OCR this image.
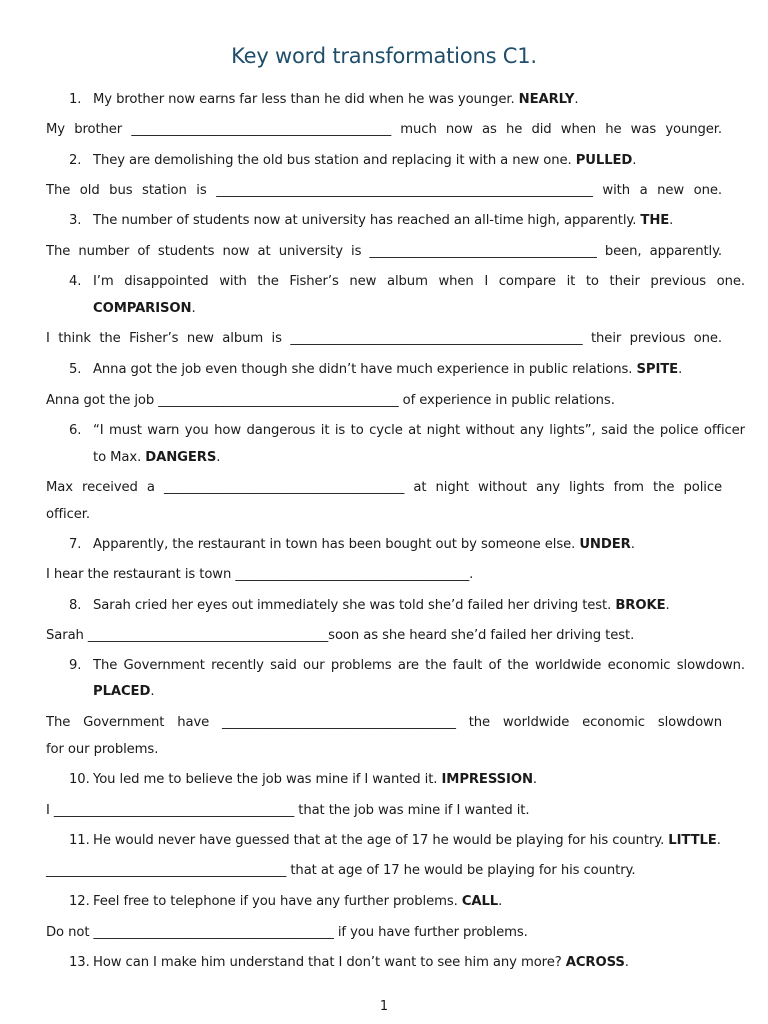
Key word transformations C1.
1. My brother now earns far less than he did when he was younger. NEARLY.
My brother ________________________________________ much now as he did when he was younger.
2. They are demolishing the old bus station and replacing it with a new one. PULLED.
The old bus station is __________________________________________________________ with a new one.
3. The number of students now at university has reached an all-time high, apparently. THE.
The number of students now at university is ___________________________________ been, apparently.
4. I’m disappointed with the Fisher’s new album when I compare it to their previous one.
COMPARISON.
I think the Fisher’s new album is _____________________________________________ their previous one.
5. Anna got the job even though she didn’t have much experience in public relations. SPITE.
Anna got the job _____________________________________ of experience in public relations.
6. “I must warn you how dangerous it is to cycle at night without any lights”, said the police officer
to Max. DANGERS.
Max received a _____________________________________ at night without any lights from the police
officer.
7. Apparently, the restaurant in town has been bought out by someone else. UNDER.
I hear the restaurant is town ____________________________________.
8. Sarah cried her eyes out immediately she was told she’d failed her driving test. BROKE.
Sarah _____________________________________soon as she heard she’d failed her driving test.
9. The Government recently said our problems are the fault of the worldwide economic slowdown.
PLACED.
The Government have ____________________________________ the worldwide economic slowdown
for our problems.
10. You led me to believe the job was mine if I wanted it. IMPRESSION.
I _____________________________________ that the job was mine if I wanted it.
11. He would never have guessed that at the age of 17 he would be playing for his country. LITTLE.
_____________________________________ that at age of 17 he would be playing for his country.
12. Feel free to telephone if you have any further problems. CALL.
Do not _____________________________________ if you have further problems.
13. How can I make him understand that I don’t want to see him any more? ACROSS.
1
